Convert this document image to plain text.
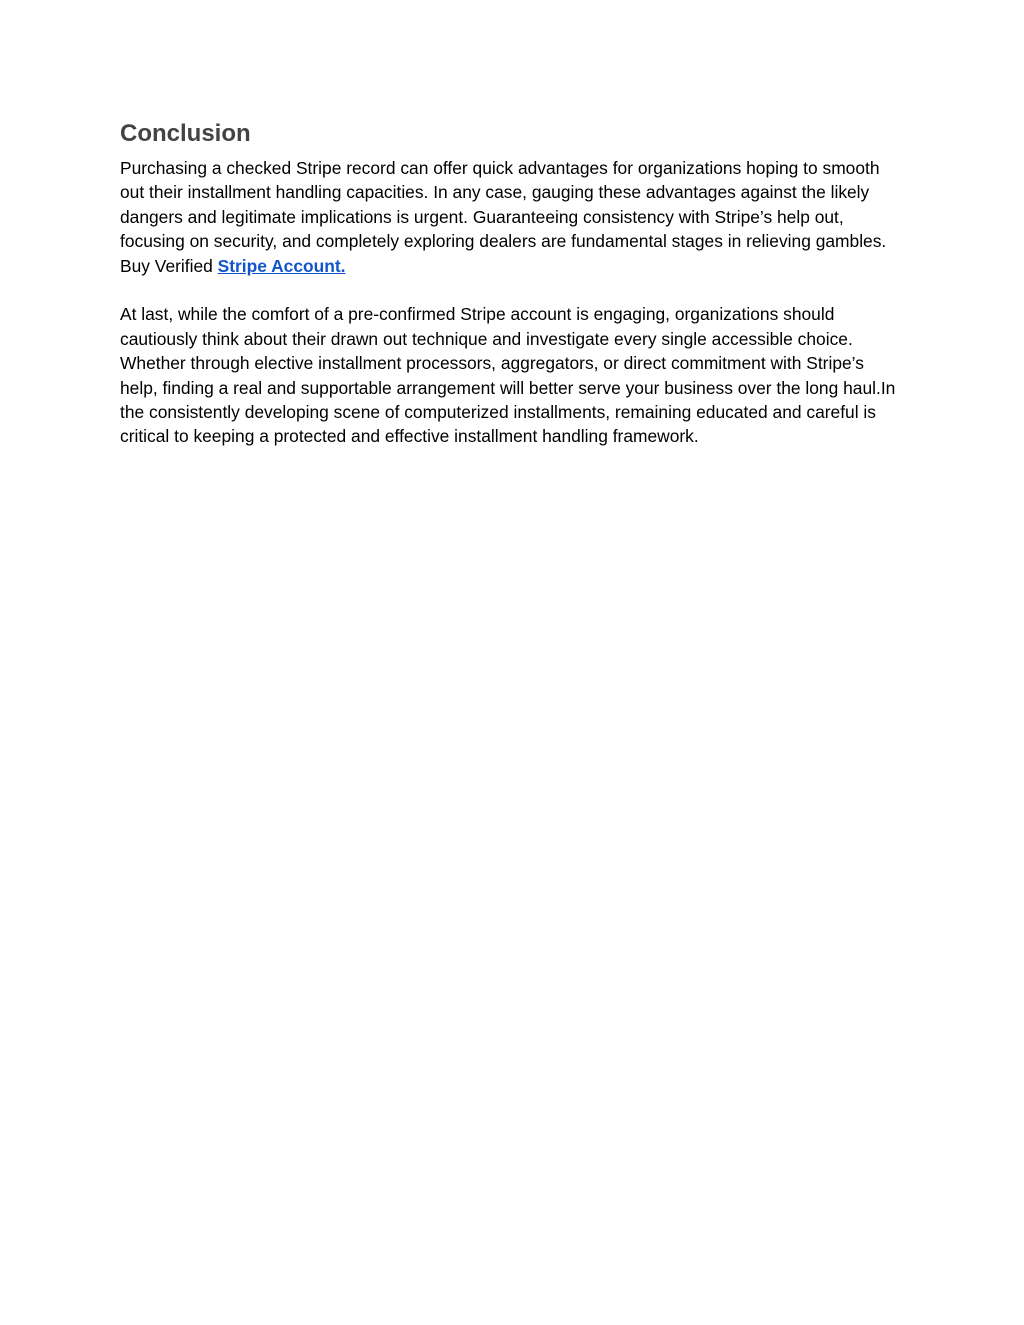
Conclusion

Purchasing a checked Stripe record can offer quick advantages for organizations hoping to smooth out their installment handling capacities. In any case, gauging these advantages against the likely dangers and legitimate implications is urgent. Guaranteeing consistency with Stripe’s help out, focusing on security, and completely exploring dealers are fundamental stages in relieving gambles. Buy Verified Stripe Account.

At last, while the comfort of a pre-confirmed Stripe account is engaging, organizations should cautiously think about their drawn out technique and investigate every single accessible choice. Whether through elective installment processors, aggregators, or direct commitment with Stripe’s help, finding a real and supportable arrangement will better serve your business over the long haul.In the consistently developing scene of computerized installments, remaining educated and careful is critical to keeping a protected and effective installment handling framework.
